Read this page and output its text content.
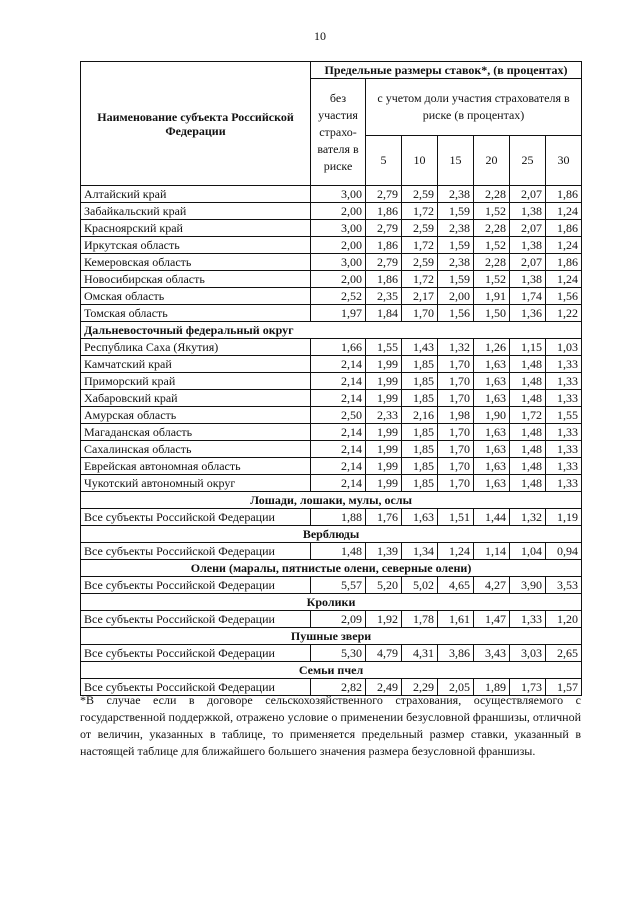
10
Наименование субъекта Российской Федерации	Предельные размеры ставок*, (в процентах)						
	без участия страхо-вателя в риске	с учетом доли участия страхователя в риске (в процентах)					
		5	10	15	20	25	30
Алтайский край	3,00	2,79	2,59	2,38	2,28	2,07	1,86
Забайкальский край	2,00	1,86	1,72	1,59	1,52	1,38	1,24
Красноярский край	3,00	2,79	2,59	2,38	2,28	2,07	1,86
Иркутская область	2,00	1,86	1,72	1,59	1,52	1,38	1,24
Кемеровская область	3,00	2,79	2,59	2,38	2,28	2,07	1,86
Новосибирская область	2,00	1,86	1,72	1,59	1,52	1,38	1,24
Омская область	2,52	2,35	2,17	2,00	1,91	1,74	1,56
Томская область	1,97	1,84	1,70	1,56	1,50	1,36	1,22
Дальневосточный федеральный округ							
Республика Саха (Якутия)	1,66	1,55	1,43	1,32	1,26	1,15	1,03
Камчатский край	2,14	1,99	1,85	1,70	1,63	1,48	1,33
Приморский край	2,14	1,99	1,85	1,70	1,63	1,48	1,33
Хабаровский край	2,14	1,99	1,85	1,70	1,63	1,48	1,33
Амурская область	2,50	2,33	2,16	1,98	1,90	1,72	1,55
Магаданская область	2,14	1,99	1,85	1,70	1,63	1,48	1,33
Сахалинская область	2,14	1,99	1,85	1,70	1,63	1,48	1,33
Еврейская автономная область	2,14	1,99	1,85	1,70	1,63	1,48	1,33
Чукотский автономный округ	2,14	1,99	1,85	1,70	1,63	1,48	1,33
Лошади, лошаки, мулы, ослы							
Все субъекты Российской Федерации	1,88	1,76	1,63	1,51	1,44	1,32	1,19
Верблюды							
Все субъекты Российской Федерации	1,48	1,39	1,34	1,24	1,14	1,04	0,94
Олени (маралы, пятнистые олени, северные олени)							
Все субъекты Российской Федерации	5,57	5,20	5,02	4,65	4,27	3,90	3,53
Кролики							
Все субъекты Российской Федерации	2,09	1,92	1,78	1,61	1,47	1,33	1,20
Пушные звери							
Все субъекты Российской Федерации	5,30	4,79	4,31	3,86	3,43	3,03	2,65
Семьи пчел							
Все субъекты Российской Федерации	2,82	2,49	2,29	2,05	1,89	1,73	1,57

*В случае если в договоре сельскохозяйственного страхования, осуществляемого с государственной поддержкой, отражено условие о применении безусловной франшизы, отличной от величин, указанных в таблице, то применяется предельный размер ставки, указанный в настоящей таблице для ближайшего большего значения размера безусловной франшизы.
